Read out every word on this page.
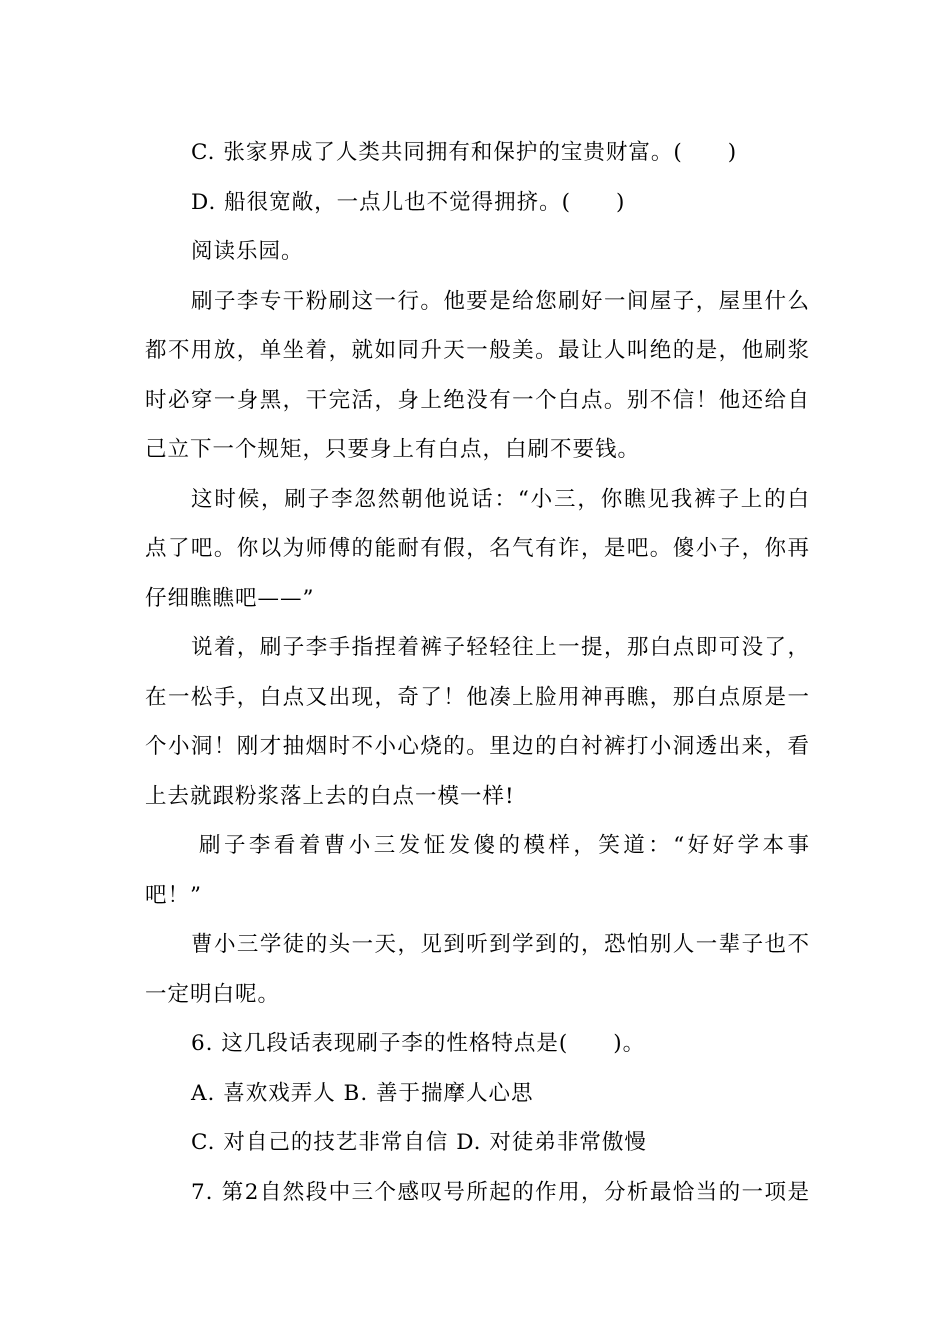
C. 张家界成了人类共同拥有和保护的宝贵财富。(　　)
D. 船很宽敞，一点儿也不觉得拥挤。(　　)
阅读乐园。
刷子李专干粉刷这一行。他要是给您刷好一间屋子，屋里什么
都不用放，单坐着，就如同升天一般美。最让人叫绝的是，他刷浆
时必穿一身黑，干完活，身上绝没有一个白点。别不信！他还给自
己立下一个规矩，只要身上有白点，白刷不要钱。
这时候，刷子李忽然朝他说话：“小三，你瞧见我裤子上的白
点了吧。你以为师傅的能耐有假，名气有诈，是吧。傻小子，你再
仔细瞧瞧吧——”
说着，刷子李手指捏着裤子轻轻往上一提，那白点即可没了，
在一松手，白点又出现，奇了！他凑上脸用神再瞧，那白点原是一
个小洞！刚才抽烟时不小心烧的。里边的白衬裤打小洞透出来，看
上去就跟粉浆落上去的白点一模一样!
刷子李看着曹小三发怔发傻的模样，笑道：“好好学本事
吧！”
曹小三学徒的头一天，见到听到学到的，恐怕别人一辈子也不
一定明白呢。
6. 这几段话表现刷子李的性格特点是(　　)。
A. 喜欢戏弄人 B. 善于揣摩人心思
C. 对自己的技艺非常自信 D. 对徒弟非常傲慢
7. 第2自然段中三个感叹号所起的作用，分析最恰当的一项是
